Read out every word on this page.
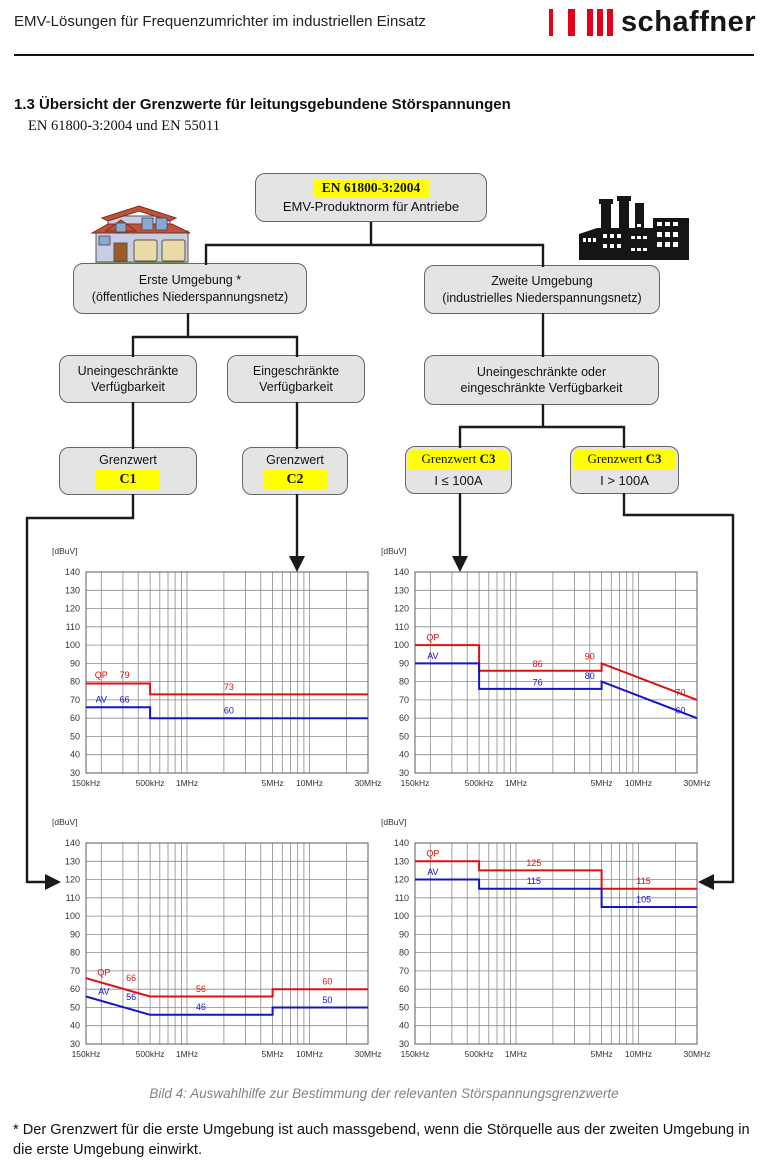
EMV-Lösungen für Frequenzumrichter im industriellen Einsatz	schaffner
1.3 Übersicht der Grenzwerte für leitungsgebundene Störspannungen
EN 61800-3:2004 und EN 55011
EN 61800-3:2004
EMV-Produktnorm für Antriebe
Erste Umgebung *
(öffentliches Niederspannungsnetz)
Zweite Umgebung
(industrielles Niederspannungsnetz)
Uneingeschränkte
Verfügbarkeit
Eingeschränkte
Verfügbarkeit
Uneingeschränkte oder
eingeschränkte Verfügbarkeit
Grenzwert
C1
Grenzwert
C2
Grenzwert C3
I ≤ 100A
Grenzwert C3
I > 100A
30
40
50
60
70
80
90
100
110
120
130
140
150kHz	500kHz 1MHz	5MHz 10MHz	30MHz
[dBuV]
QP 79
73
AV 66
60
30
40
50
60
70
80
90
100
110
120
130
140
150kHz	500kHz 1MHz	5MHz 10MHz	30MHz
[dBuV]
QP
AV
86
76
90
80
70
60
30
40
50
60
70
80
90
100
110
120
130
140
150kHz	500kHz 1MHz	5MHz 10MHz	30MHz
[dBuV]
QP
66
56
60
AV
56
46
50
30
40
50
60
70
80
90
100
110
120
130
140
150kHz	500kHz 1MHz	5MHz 10MHz	30MHz
[dBuV]
QP
AV
125
115	115
105
Bild 4: Auswahlhilfe zur Bestimmung der relevanten Störspannungsgrenzwerte
* Der Grenzwert für die erste Umgebung ist auch massgebend, wenn die Störquelle aus der zweiten Umgebung in die erste Umgebung einwirkt.
